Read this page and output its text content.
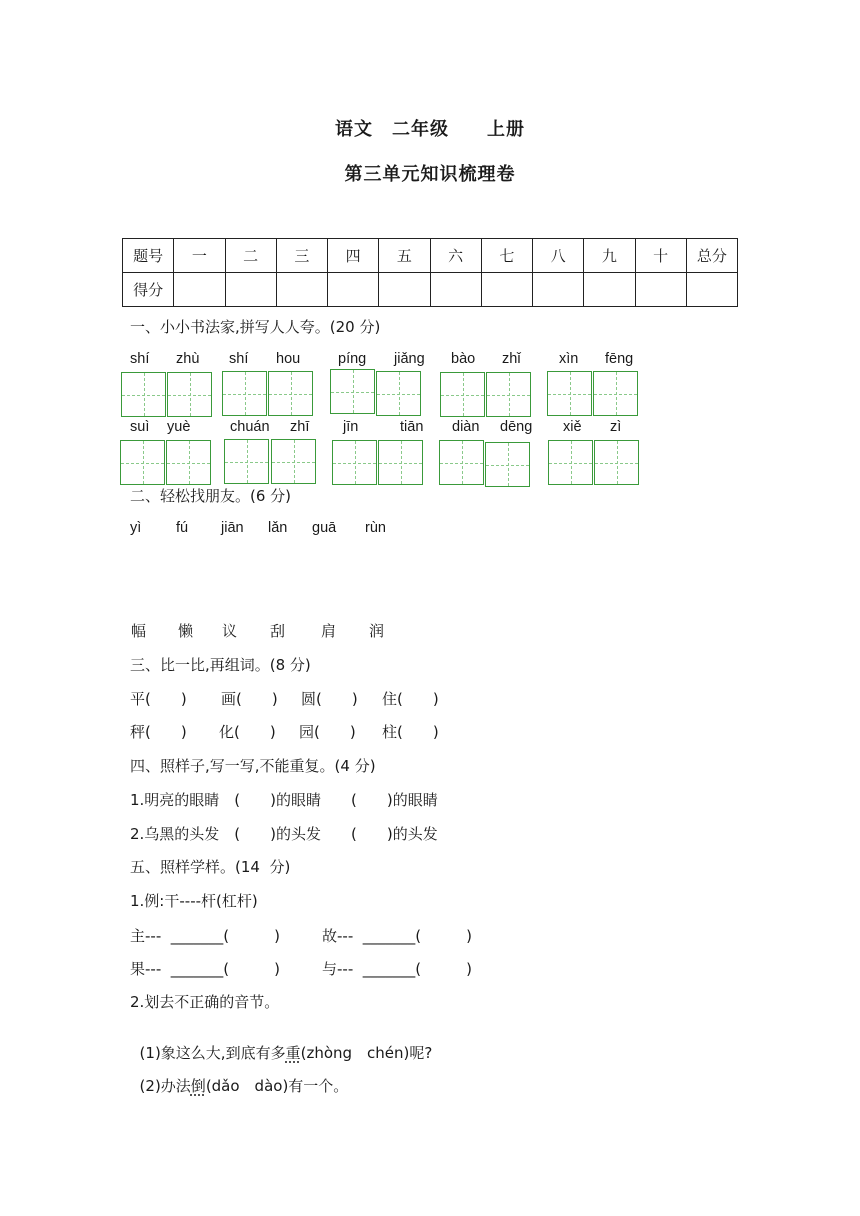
语文　二年级　　上册
第三单元知识梳理卷
题号	一	二	三	四	五	六	七	八	九	十	总分
得分											
一、小小书法家,拼写人人夸。(20 分)
shí zhù shí hou	píng jiǎng bào zhǐ	xìn fēng
suì yuè	chuán zhī jīn	tiān diàn dēng xiě zì
二、轻松找朋友。(6 分)
yì fú jiān lǎn guā rùn
幅 懒 议 刮 肩 润
三、比一比,再组词。(8 分)
平(　　) 画(　　) 圆(　　) 住(　　)
秤(　　) 化(　　) 园(　　) 柱(　　)
四、照样子,写一写,不能重复。(4 分)
1.明亮的眼睛　(　　)的眼睛　　(　　)的眼睛
2.乌黑的头发　(　　)的头发　　(　　)的头发
五、照样学样。(14  分)
1.例:干----杆(杠杆)
主---  _______(　　　)	故---  _______(　　　)
果---  _______(　　　)	与---  _______(　　　)
2.划去不正确的音节。

(1)象这么大,到底有多重(zhòng　chén)呢?

(2)办法倒(dǎo　dào)有一个。
